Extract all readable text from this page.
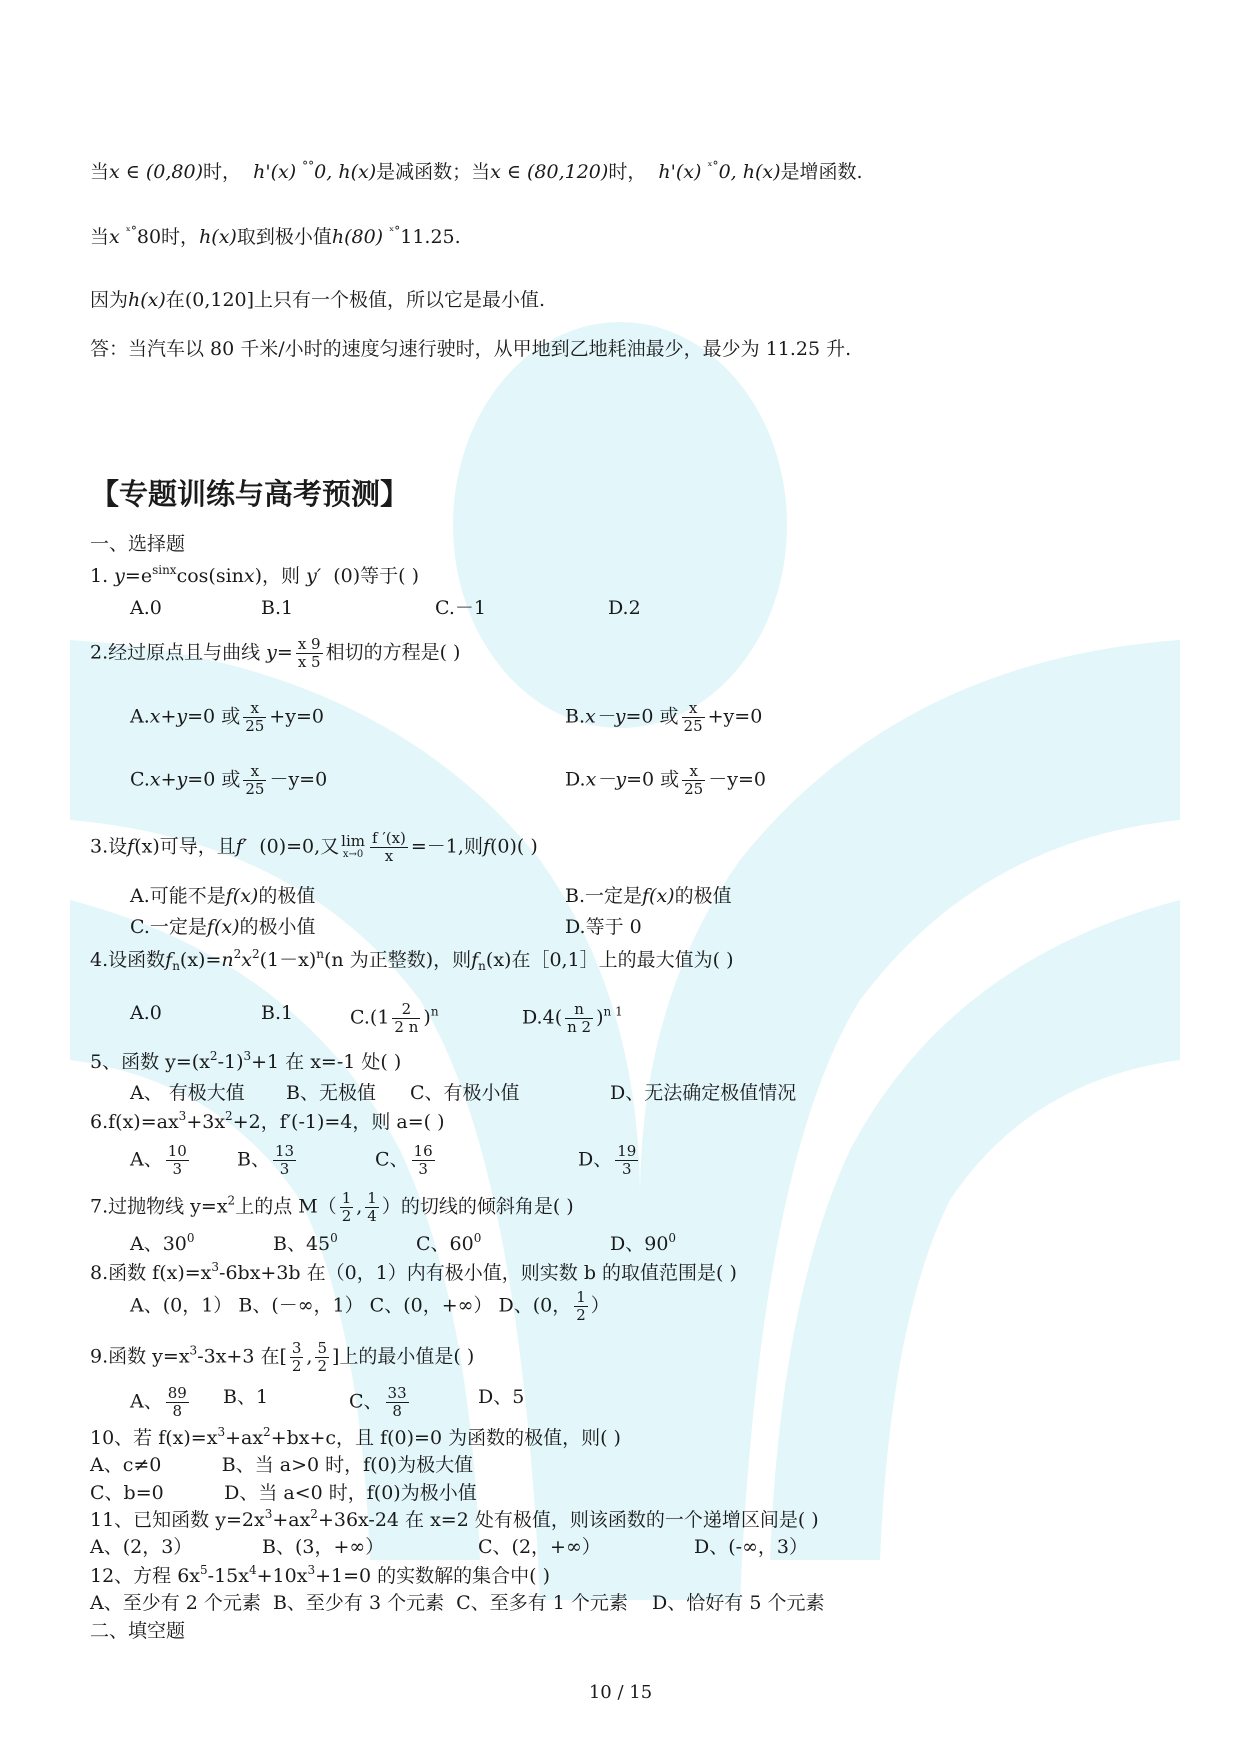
当x ∈ (0,80)时， h'(x) °°0, h(x)是减函数；当x ∈ (80,120)时， h'(x) $^{ˣ^\circ}$0, h(x)是增函数.
当x $^{ˣ^\circ}$80时，h(x)取到极小值h(80) $^{ˣ^\circ}$11.25.
因为h(x)在(0,120]上只有一个极值，所以它是最小值.
答：当汽车以 80 千米/小时的速度匀速行驶时，从甲地到乙地耗油最少，最少为 11.25 升.
【专题训练与高考预测】
一、选择题
1. $y=e^{sinx}\cos(\sin x)$，则 y′ (0)等于( )
A.0	B.1	C.－1	D.2
2.经过原点且与曲线 $y= \frac{x 9}{x 5}$ 相切的方程是( )
A.x+y=0 或 $\frac{x}{25} +y=0$	B.x－y=0 或 $\frac{x}{25} +y=0$
C.x+y=0 或 $\frac{x}{25} -y=0$	D.x－y=0 或 $\frac{x}{25} -y=0$
3.设f(x)可导，且f′ (0)=0,又 lim
$x\to 0 \frac{f '(x)}{x} =-1$,则f(0)( )
A.可能不是f(x)的极值	B.一定是f(x)的极值
C.一定是f(x)的极小值	D.等于 0
4.设函数$f_n(x)=n^2x^2(1-x)^n(n$ 为正整数)，则$f_n(x)$在［0,1］上的最大值为( )
A.0	B.1	$C.(1 \frac{2}{2 n} )^n$	$D.4( \frac{n}{n 2} )^{n 1}$
5、函数 $y=(x^2-1)^3+1$ 在 x=-1 处( )
A、 有极大值 B、无极值 C、有极小值	D、无法确定极值情况
$6.f(x)=ax^3+3x^2+2$，f′(-1)=4，则 a=( )
A、 $\frac{10}{3}$	B、 $\frac{13}{3}$	C、 $\frac{16}{3}$	D、 $\frac{19}{3}$
7.过抛物线 $y=x^2$上的点 $M( \frac{1}{2}$ , $\frac{1}{4}$ ）的切线的倾斜角是( )
A、$30^0$	B、$45^0$	C、$60^0$	D、$90^0$
8.函数 $f(x)=x^3-6bx+3b$ 在（0，1）内有极小值，则实数 b 的取值范围是( )
A、(0，1） B、(－∞，1） C、(0，+∞） D、(0， $\frac{1}{2}$ ）
9.函数 $y=x^3-3x+3$ 在[ $\frac{3}{2}$ , $\frac{5}{2}$ ]上的最小值是( )
A、 $\frac{89}{8}$ B、1	C、 $\frac{33}{8}$	D、5
10、若 $f(x)=x^3+ax^2+bx+c$，且 f(0)=0 为函数的极值，则( )
A、c≠0          B、当 a>0 时，f(0)为极大值
C、b=0          D、当 a<0 时，f(0)为极小值
11、已知函数 $y=2x^3+ax^2+36x-24$ 在 x=2 处有极值，则该函数的一个递增区间是( )
A、(2，3）	B、(3，+∞）	C、(2，+∞）	D、(-∞，3）
12、方程 $6x^5-15x^4+10x^3+1=0$ 的实数解的集合中( )
A、至少有 2 个元素  B、至少有 3 个元素  C、至多有 1 个元素    D、恰好有 5 个元素
二、填空题
10 / 15
